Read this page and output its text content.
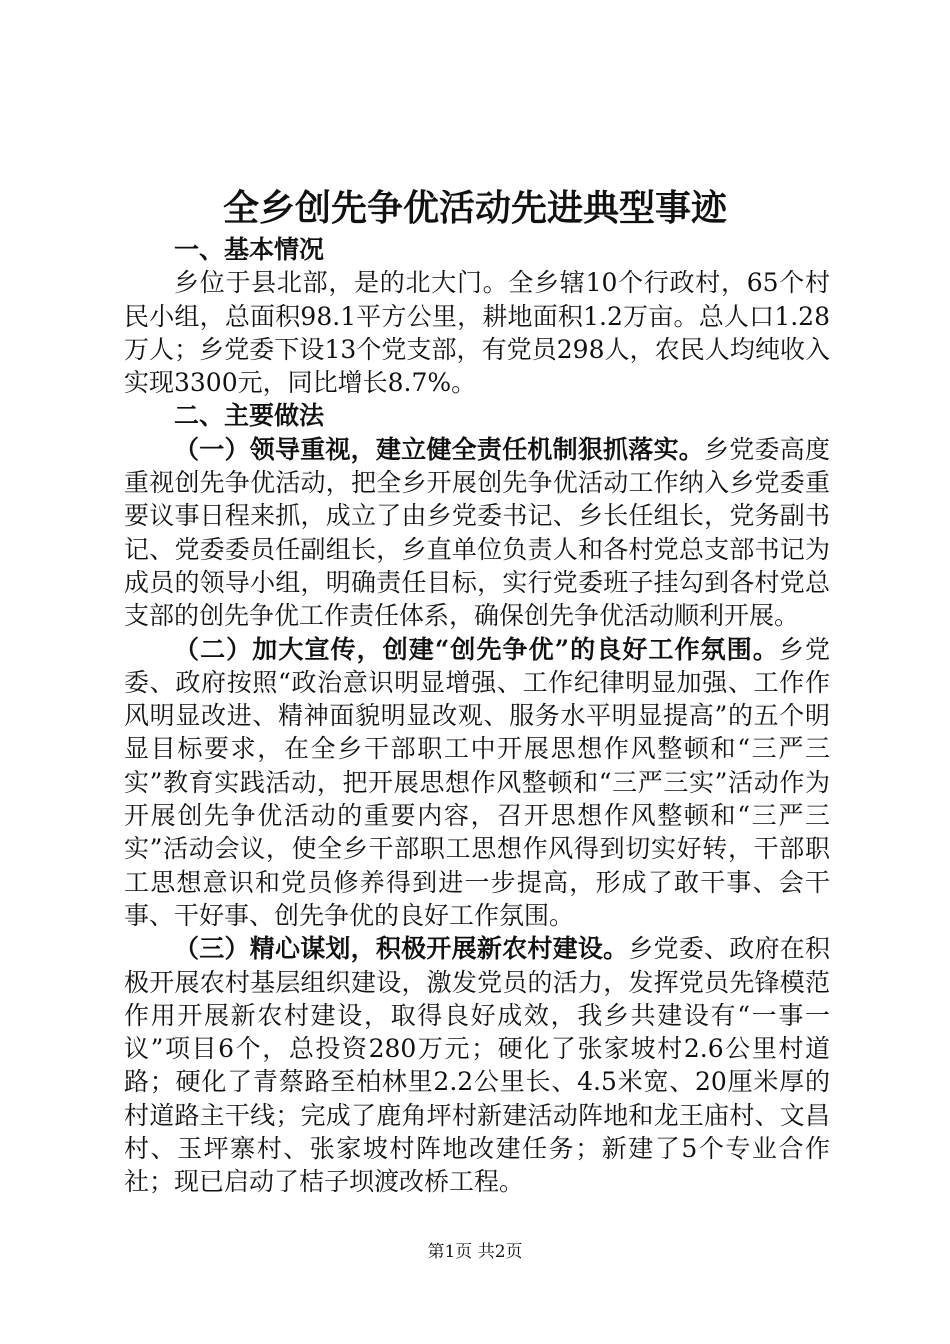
全乡创先争优活动先进典型事迹
一、基本情况

乡位于县北部，是的北大门。全乡辖10个行政村，65个村民小组，总面积98.1平方公里，耕地面积1.2万亩。总人口1.28万人；乡党委下设13个党支部，有党员298人，农民人均纯收入实现3300元，同比增长8.7%。

二、主要做法

（一）领导重视，建立健全责任机制狠抓落实。乡党委高度重视创先争优活动，把全乡开展创先争优活动工作纳入乡党委重要议事日程来抓，成立了由乡党委书记、乡长任组长，党务副书记、党委委员任副组长，乡直单位负责人和各村党总支部书记为成员的领导小组，明确责任目标，实行党委班子挂勾到各村党总支部的创先争优工作责任体系，确保创先争优活动顺利开展。

（二）加大宣传，创建“创先争优”的良好工作氛围。乡党委、政府按照“政治意识明显增强、工作纪律明显加强、工作作风明显改进、精神面貌明显改观、服务水平明显提高”的五个明显目标要求，在全乡干部职工中开展思想作风整顿和“三严三实”教育实践活动，把开展思想作风整顿和“三严三实”活动作为开展创先争优活动的重要内容，召开思想作风整顿和“三严三实”活动会议，使全乡干部职工思想作风得到切实好转，干部职工思想意识和党员修养得到进一步提高，形成了敢干事、会干事、干好事、创先争优的良好工作氛围。

（三）精心谋划，积极开展新农村建设。乡党委、政府在积极开展农村基层组织建设，激发党员的活力，发挥党员先锋模范作用开展新农村建设，取得良好成效，我乡共建设有“一事一议”项目6个，总投资280万元；硬化了张家坡村2.6公里村道路；硬化了青蔡路至柏林里2.2公里长、4.5米宽、20厘米厚的村道路主干线；完成了鹿角坪村新建活动阵地和龙王庙村、文昌村、玉坪寨村、张家坡村阵地改建任务；新建了5个专业合作社；现已启动了桔子坝渡改桥工程。

第1页 共2页
